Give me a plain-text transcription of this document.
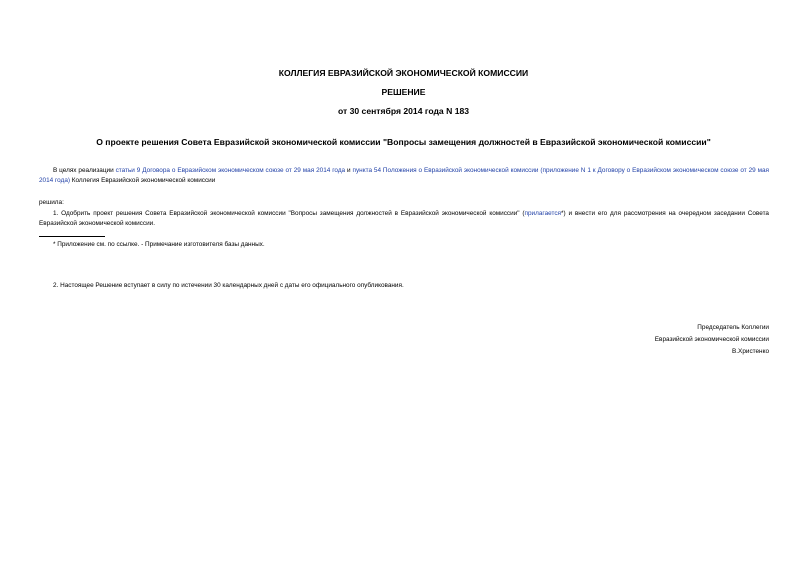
КОЛЛЕГИЯ ЕВРАЗИЙСКОЙ ЭКОНОМИЧЕСКОЙ КОМИССИИ
РЕШЕНИЕ
от 30 сентября 2014 года N 183
О проекте решения Совета Евразийской экономической комиссии "Вопросы замещения должностей в Евразийской экономической комиссии"
В целях реализации статьи 9 Договора о Евразийском экономическом союзе от 29 мая 2014 года и пункта 54 Положения о Евразийской экономической комиссии (приложение N 1 к Договору о Евразийском экономическом союзе от 29 мая 2014 года) Коллегия Евразийской экономической комиссии
решила:
1. Одобрить проект решения Совета Евразийской экономической комиссии "Вопросы замещения должностей в Евразийской экономической комиссии" (прилагается*) и внести его для рассмотрения на очередном заседании Совета Евразийской экономической комиссии.
* Приложение см. по ссылке. - Примечание изготовителя базы данных.
2. Настоящее Решение вступает в силу по истечении 30 календарных дней с даты его официального опубликования.
Председатель Коллегии
Евразийской экономической комиссии
В.Христенко
